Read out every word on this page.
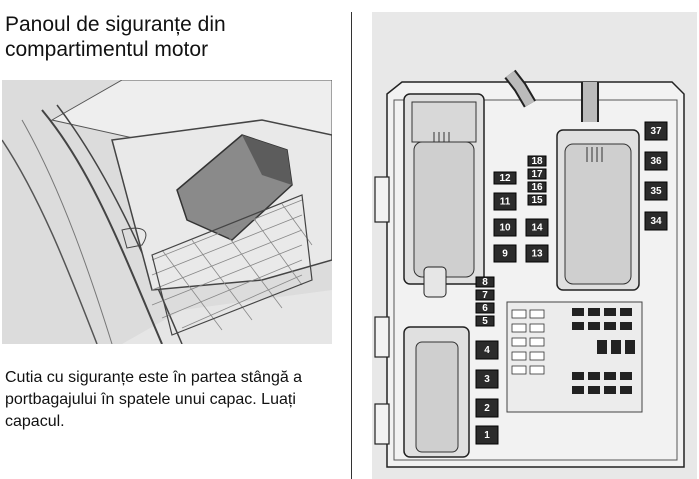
Panoul de siguranțe din compartimentul motor

Cutia cu siguranțe este în partea stângă a portbagajului în spatele unui capac. Luați capacul.

1
2
3
4
5
6
7
8
9
10
11
12
13
14
15
16
17
18
34
35
36
37
